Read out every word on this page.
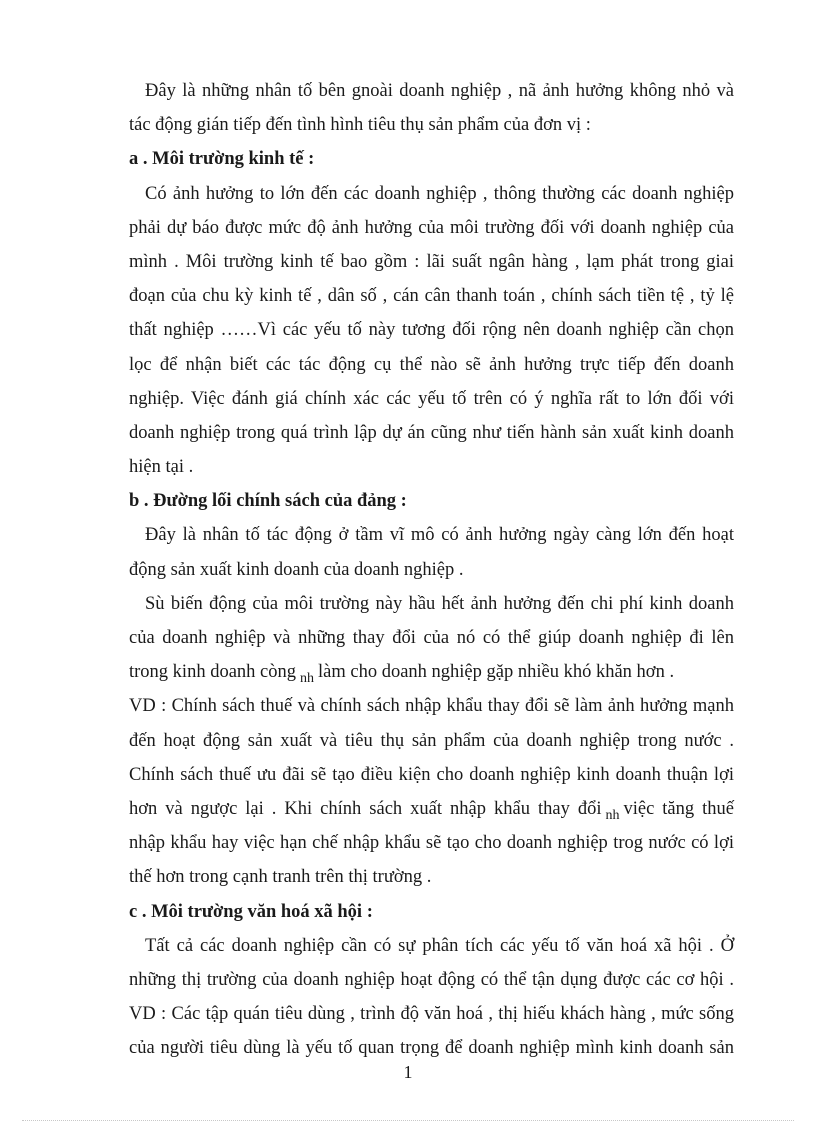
Đây là những nhân tố bên gnoài doanh nghiệp , nã ảnh hưởng không nhỏ và
tác động gián tiếp đến tình hình tiêu thụ sản phẩm của đơn vị :
a . Môi trường kinh tế :
Có ảnh hưởng to lớn đến các doanh nghiệp , thông thường các doanh nghiệp
phải dự báo được mức độ ảnh hưởng của môi trường đối với doanh nghiệp của
mình . Môi trường kinh tế bao gồm : lãi suất ngân hàng , lạm phát trong giai
đoạn của chu kỳ kinh tế , dân số , cán cân thanh toán , chính sách tiền tệ , tỷ lệ
thất nghiệp ……Vì các yếu tố này tương đối rộng nên doanh nghiệp cần chọn
lọc để nhận biết các tác động cụ thể nào sẽ ảnh hưởng trực tiếp đến doanh
nghiệp. Việc đánh giá chính xác các yếu tố trên có ý nghĩa rất to lớn đối với
doanh nghiệp trong quá trình lập dự án cũng như tiến hành sản xuất kinh doanh
hiện tại .
b . Đường lối chính sách của đảng :
Đây là nhân tố tác động ở tầm vĩ mô có ảnh hưởng ngày càng lớn đến hoạt
động sản xuất kinh doanh của doanh nghiệp .
Sù biến động của môi trường này hầu hết ảnh hưởng đến chi phí kinh doanh
của doanh nghiệp và những thay đổi của nó có thể giúp doanh nghiệp đi lên
trong kinh doanh còng $_{nh}$ làm cho doanh nghiệp gặp nhiều khó khăn hơn .
VD : Chính sách thuế và chính sách nhập khẩu thay đổi sẽ làm ảnh hưởng mạnh
đến hoạt động sản xuất và tiêu thụ sản phẩm của doanh nghiệp trong nước .
Chính sách thuế ưu đãi sẽ tạo điều kiện cho doanh nghiệp kinh doanh thuận lợi
hơn và ngược lại . Khi chính sách xuất nhập khẩu thay đổi $_{nh}$ việc tăng thuế
nhập khẩu hay việc hạn chế nhập khẩu sẽ tạo cho doanh nghiệp trog nước có lợi
thế hơn trong cạnh tranh trên thị trường .
c . Môi trường văn hoá xã hội :
Tất cả các doanh nghiệp cần có sự phân tích các yếu tố văn hoá xã hội . Ở
những thị trường của doanh nghiệp hoạt động có thể tận dụng được các cơ hội .
VD : Các tập quán tiêu dùng , trình độ văn hoá , thị hiếu khách hàng , mức sống
của người tiêu dùng là yếu tố quan trọng để doanh nghiệp mình kinh doanh sản
1
